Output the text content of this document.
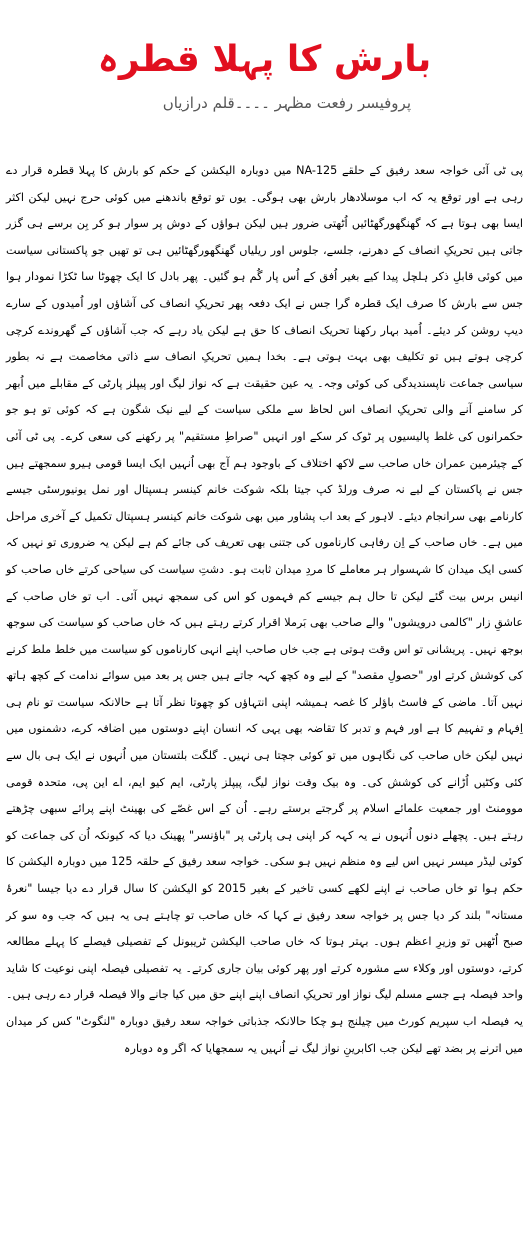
بارش کا پہلا قطرہ
پروفیسر رفعت مظہر ۔۔۔۔قلم درازیاں

پی ٹی آئی خواجہ سعد رفیق کے حلقے NA-125 میں دوبارہ الیکشن کے حکم کو بارش کا پہلا قطرہ قرار دے رہی ہے اور توقع یہ کہ اب موسلادھار بارش بھی ہوگی۔ یوں تو توقع باندھنے میں کوئی حرج نہیں لیکن اکثر ایسا بھی ہوتا ہے کہ گھنگھورگھٹائیں اُٹھتی ضرور ہیں لیکن ہواؤں کے دوش پر سوار ہو کر بِن برسے ہی گزر جاتی ہیں تحریکِ انصاف کے دھرنے، جلسے، جلوس اور ریلیاں گھنگھورگھٹائیں ہی تو تھیں جو پاکستانی سیاست میں کوئی قابلِ ذکر ہلچل پیدا کیے بغیر اُفق کے اُس پار گُم ہو گئیں۔ پھر بادل کا ایک چھوٹا سا ٹکڑا نمودار ہوا جس سے بارش کا صرف ایک قطرہ گرا جس نے ایک دفعہ پھر تحریکِ انصاف کی آشاؤں اور اُمیدوں کے سارے دیپ روشن کر دیئے۔ اُمید بہار رکھنا تحریک انصاف کا حق ہے لیکن یاد رہے کہ جب آشاؤں کے گھروندے کرچی کرچی ہوتے ہیں تو تکلیف بھی بہت ہوتی ہے۔ بخدا ہمیں تحریکِ انصاف سے ذاتی مخاصمت ہے نہ بطور سیاسی جماعت ناپسندیدگی کی کوئی وجہ۔ یہ عین حقیقت ہے کہ نواز لیگ اور پیپلز پارٹی کے مقابلے میں اُبھر کر سامنے آنے والی تحریکِ انصاف اس لحاظ سے ملکی سیاست کے لیے نیک شگون ہے کہ کوئی تو ہو جو حکمرانوں کی غلط پالیسیوں پر ٹوک کر سکے اور انہیں "صراطِ مستقیم" پر رکھنے کی سعی کرے۔ پی ٹی آئی کے چیئرمین عمران خاں صاحب سے لاکھ اختلاف کے باوجود ہم آج بھی اُنہیں ایک ایسا قومی ہیرو سمجھتے ہیں جس نے پاکستان کے لیے نہ صرف ورلڈ کپ جیتا بلکہ شوکت خانم کینسر ہسپتال اور نمل یونیورسٹی جیسے کارنامے بھی سرانجام دیئے۔ لاہور کے بعد اب پشاور میں بھی شوکت خانم کینسر ہسپتال تکمیل کے آخری مراحل میں ہے۔ خاں صاحب کے اِن رفاہی کارناموں کی جتنی بھی تعریف کی جائے کم ہے لیکن یہ ضروری تو نہیں کہ کسی ایک میدان کا شہسوار ہر معاملے کا مردِ میدان ثابت ہو۔ دشتِ سیاست کی سیاحی کرتے خاں صاحب کو انیس برس بیت گئے لیکن تا حال ہم جیسے کم فہموں کو اس کی سمجھ نہیں آئی۔ اب تو خاں صاحب کے عاشقِ زار "کالمی درویشوں" والے صاحب بھی بَرملا اقرار کرتے رہتے ہیں کہ خاں صاحب کو سیاست کی سوجھ بوجھ نہیں۔ پریشانی تو اس وقت ہوتی ہے جب خاں صاحب اپنے انہی کارناموں کو سیاست میں خلط ملط کرنے کی کوشش کرتے اور "حصولِ مقصد" کے لیے وہ کچھ کہہ جاتے ہیں جس پر بعد میں سوائے ندامت کے کچھ ہاتھ نہیں آتا۔ ماضی کے فاسٹ باؤلر کا غصہ ہمیشہ اپنی انتہاؤں کو چھوتا نظر آتا ہے حالانکہ سیاست تو نام ہی اِفہام و تفہیم کا ہے اور فہم و تدبر کا تقاضہ بھی یہی کہ انسان اپنے دوستوں میں اضافہ کرے، دشمنوں میں نہیں لیکن خاں صاحب کی نگاہوں میں تو کوئی جچتا ہی نہیں۔ گلگت بلتستان میں اُنہوں نے ایک ہی بال سے کئی وکٹیں اُڑانے کی کوشش کی۔ وہ بیک وقت نواز لیگ، پیپلز پارٹی، ایم کیو ایم، اے این پی، متحدہ قومی موومنٹ اور جمعیت علمائے اسلام پر گرجتے برستے رہے۔ اُن کے اس غصّے کی بھینٹ اپنے پرائے سبھی چڑھتے رہتے ہیں۔ پچھلے دنوں اُنہوں نے یہ کہہ کر اپنی ہی پارٹی پر "باؤنسر" پھینک دیا کہ کیونکہ اُن کی جماعت کو کوئی لیڈر میسر نہیں اس لیے وہ منظم نہیں ہو سکی۔ خواجہ سعد رفیق کے حلقہ 125 میں دوبارہ الیکشن کا حکم ہوا تو خاں صاحب نے اپنے لکھے کسی تاخیر کے بغیر 2015 کو الیکشن کا سال قرار دے دیا جیسا "نعرۂ مستانہ" بلند کر دیا جس پر خواجہ سعد رفیق نے کہا کہ خاں صاحب تو چاہتے ہی یہ ہیں کہ جب وہ سو کر صبح اُٹھیں تو وزیرِ اعظم ہوں۔ بہتر ہوتا کہ خاں صاحب الیکشن ٹریبونل کے تفصیلی فیصلے کا پہلے مطالعہ کرتے، دوستوں اور وکلاء سے مشورہ کرتے اور پھر کوئی بیان جاری کرتے۔ یہ تفصیلی فیصلہ اپنی نوعیت کا شاید واحد فیصلہ ہے جسے مسلم لیگ نواز اور تحریکِ انصاف اپنے اپنے حق میں کیا جانے والا فیصلہ قرار دے رہی ہیں۔ یہ فیصلہ اب سپریم کورٹ میں چیلنج ہو چکا حالانکہ جذباتی خواجہ سعد رفیق دوبارہ "لنگوٹ" کس کر میدان میں اترنے پر بضد تھے لیکن جب اکابرینِ نواز لیگ نے اُنہیں یہ سمجھایا کہ اگر وہ دوبارہ
